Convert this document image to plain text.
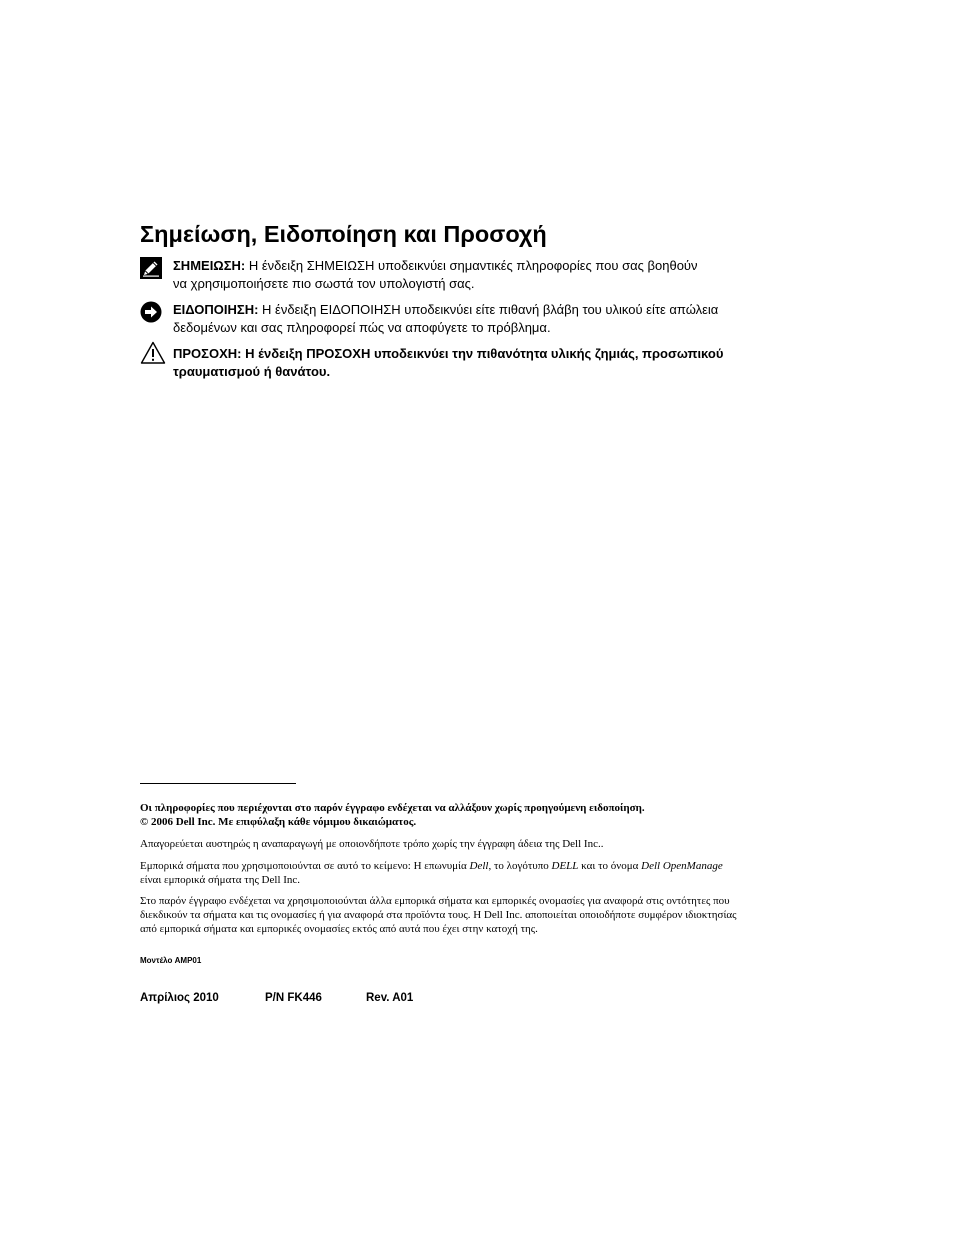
Σημείωση, Ειδοποίηση και Προσοχή
ΣΗΜΕΙΩΣΗ: Η ένδειξη ΣΗΜΕΙΩΣΗ υποδεικνύει σημαντικές πληροφορίες που σας βοηθούν
να χρησιμοποιήσετε πιο σωστά τον υπολογιστή σας.
ΕΙΔΟΠΟΙΗΣΗ: Η ένδειξη ΕΙΔΟΠΟΙΗΣΗ υποδεικνύει είτε πιθανή βλάβη του υλικού είτε απώλεια
δεδομένων και σας πληροφορεί πώς να αποφύγετε το πρόβλημα.
ΠΡΟΣΟΧΗ: Η ένδειξη ΠΡΟΣΟΧΗ υποδεικνύει την πιθανότητα υλικής ζημιάς, προσωπικού
τραυματισμού ή θανάτου.
Οι πληροφορίες που περιέχονται στο παρόν έγγραφο ενδέχεται να αλλάξουν χωρίς προηγούμενη ειδοποίηση.
© 2006 Dell Inc. Με επιφύλαξη κάθε νόμιμου δικαιώματος.
Απαγορεύεται αυστηρώς η αναπαραγωγή με οποιονδήποτε τρόπο χωρίς την έγγραφη άδεια της Dell Inc..
Εμπορικά σήματα που χρησιμοποιούνται σε αυτό το κείμενο: Η επωνυμία Dell, το λογότυπο DELL και το όνομα Dell OpenManage
είναι εμπορικά σήματα της Dell Inc.
Στο παρόν έγγραφο ενδέχεται να χρησιμοποιούνται άλλα εμπορικά σήματα και εμπορικές ονομασίες για αναφορά στις οντότητες που
διεκδικούν τα σήματα και τις ονομασίες ή για αναφορά στα προϊόντα τους. Η Dell Inc. αποποιείται οποιοδήποτε συμφέρον ιδιοκτησίας
από εμπορικά σήματα και εμπορικές ονομασίες εκτός από αυτά που έχει στην κατοχή της.
Μοντέλο AMP01
Απρίλιος 2010	P/N FK446	Rev. A01
